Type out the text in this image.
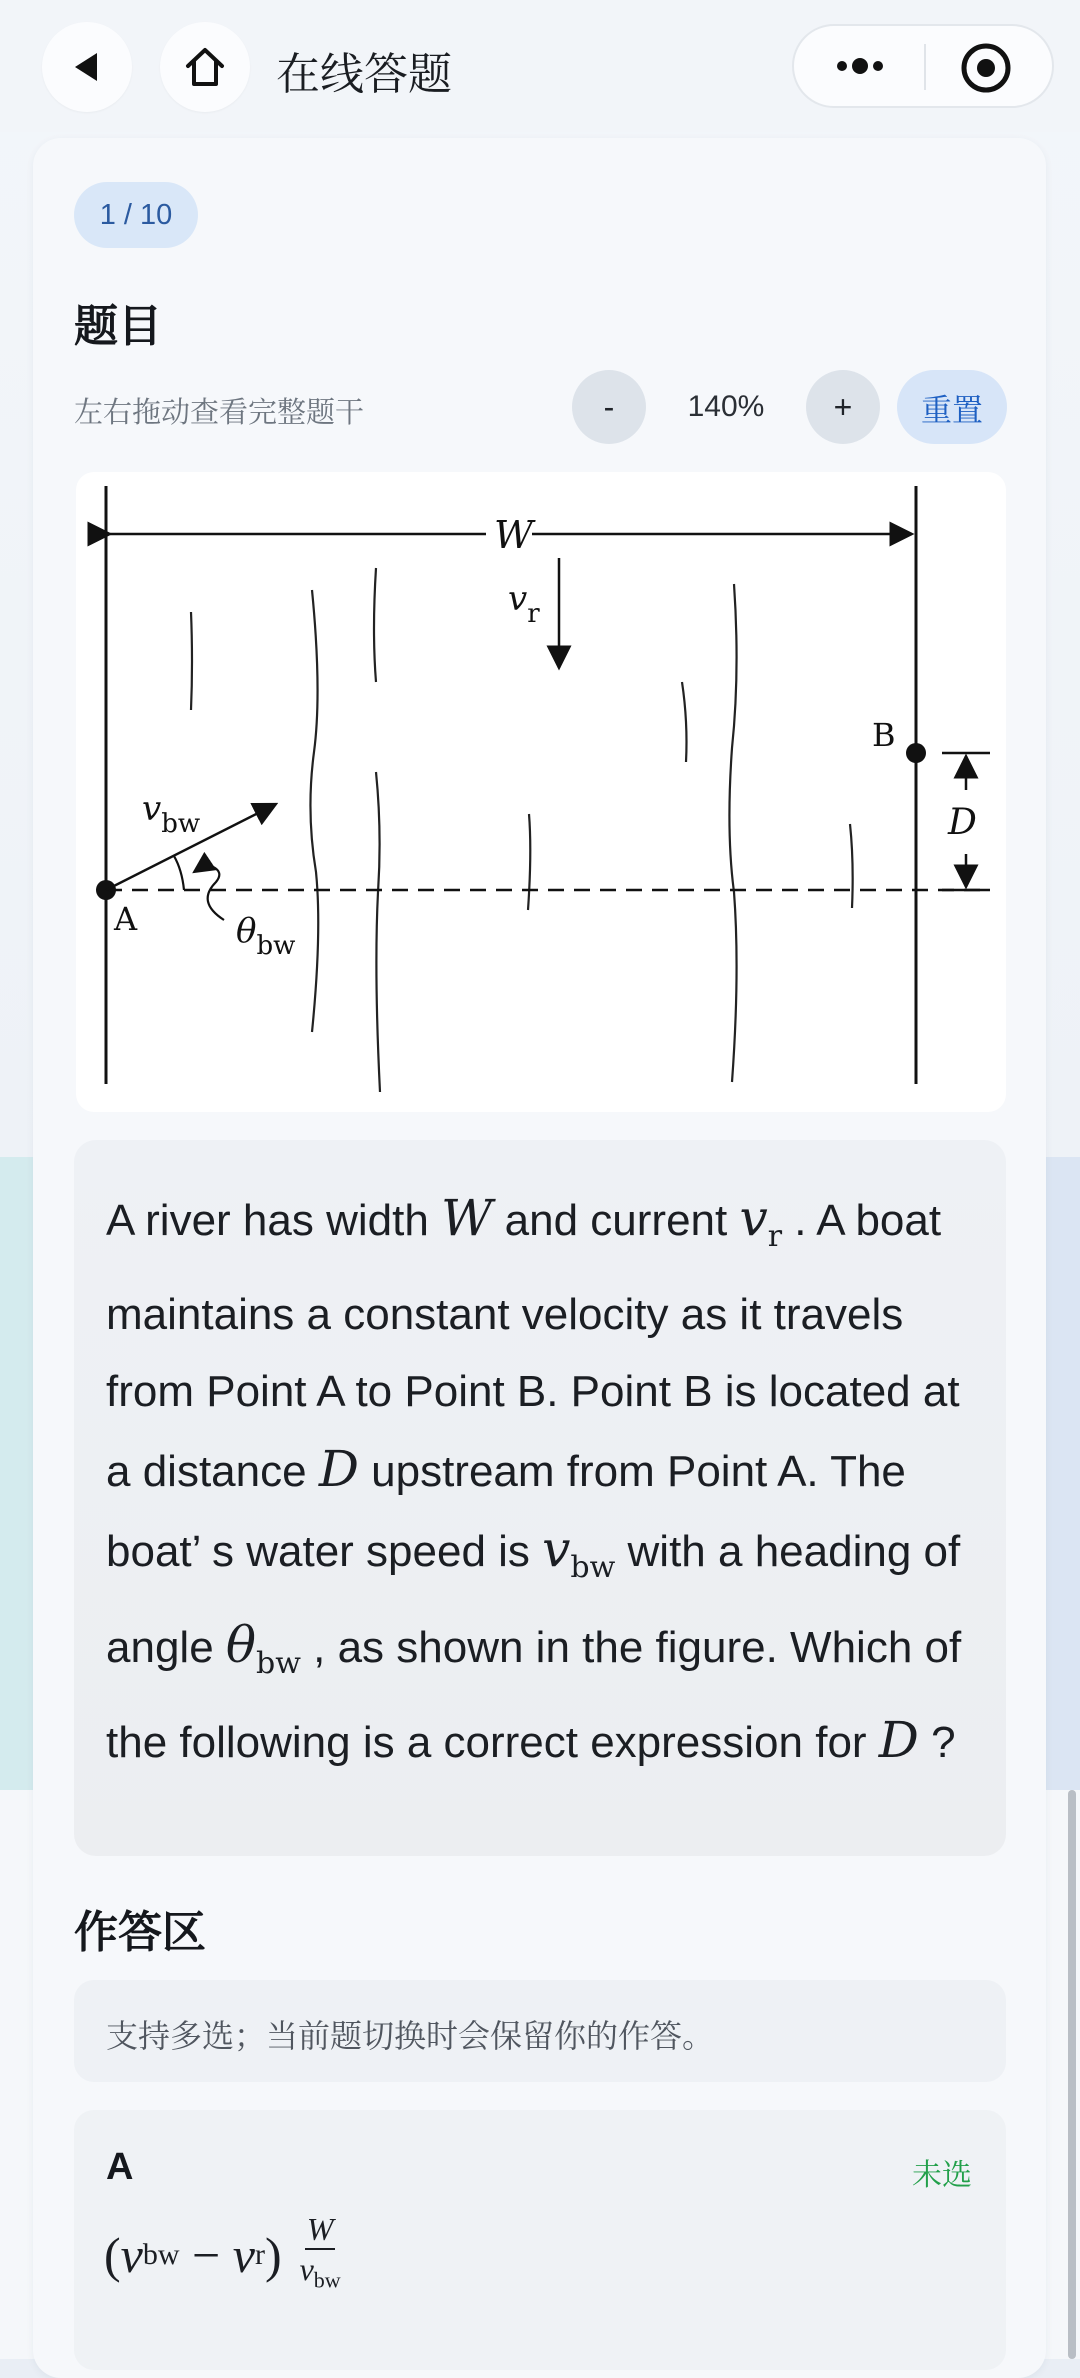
在线答题
1 / 10
题目
左右拖动查看完整题干	-	140%	+	重置
W
$v_r$
A
$v_{bw}$
$\theta_{bw}$
B
D
A river has width W and current $v_r$ . A boat maintains a constant velocity as it travels from Point A to Point B. Point B is located at a distance D upstream from Point A. The boat’ s water speed is $v_{bw}$ with a heading of angle $\theta_{bw}$ , as shown in the figure. Which of the following is a correct expression for D ?
作答区
支持多选；当前题切换时会保留你的作答。
A	未选
( v bw − v r ) $\frac{W}{v_{bw}}$
